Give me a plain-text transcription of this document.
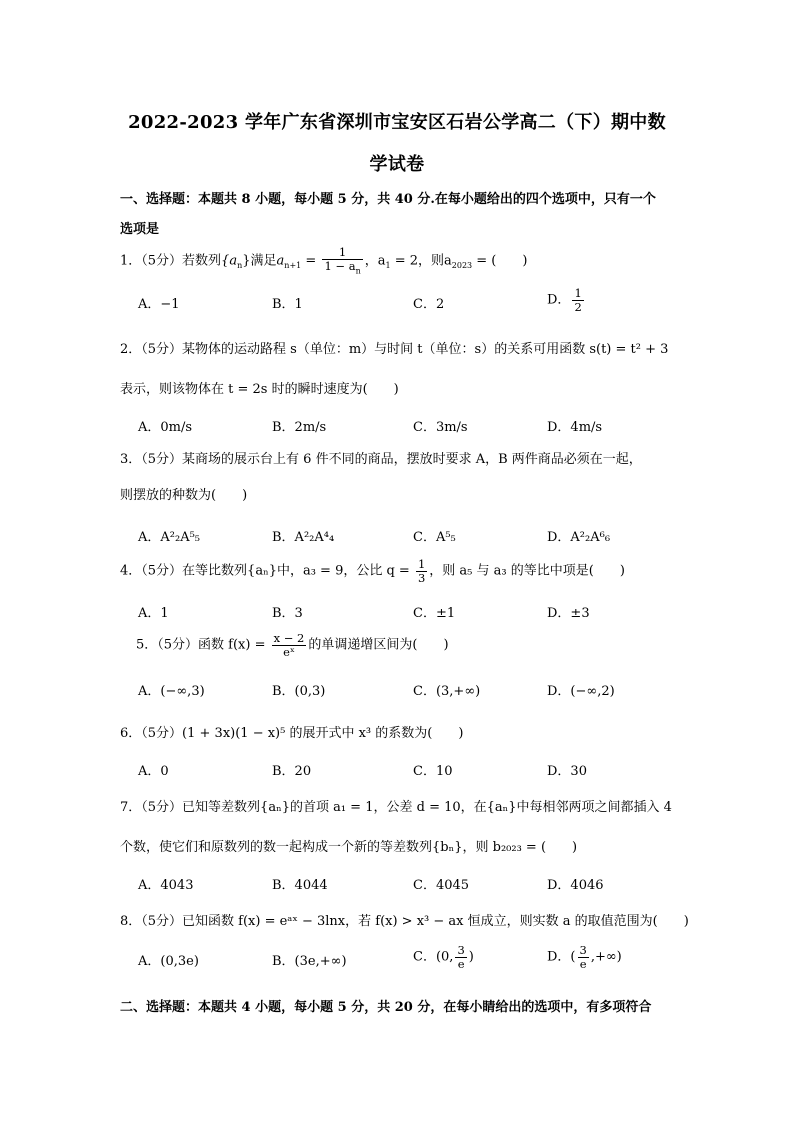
2022-2023 学年广东省深圳市宝安区石岩公学高二（下）期中数
学试卷
一、选择题：本题共 8 小题，每小题 5 分，共 40 分.在每小题给出的四个选项中，只有一个
选项是
1．（5分）若数列$\{a_n\}$满足$a_{n+1} = \frac{1}{1 - a_n}$ ，$a_1 = 2$，则$a_{2023}$ = (　　)
A．−1	B．1	C．2	D． $\frac{1}{2}$
2．（5分）某物体的运动路程 s（单位：m）与时间 t（单位：s）的关系可用函数 s(t) = t² + 3
表示，则该物体在 t = 2s 时的瞬时速度为(　　)
A．0m/s	B．2m/s	C．3m/s	D．4m/s
3．（5分）某商场的展示台上有 6 件不同的商品，摆放时要求 A，B 两件商品必须在一起，
则摆放的种数为(　　)
A．A²₂A⁵₅	B．A²₂A⁴₄	C．A⁵₅	D．A²₂A⁶₆
4．（5分）在等比数列{aₙ}中，a₃ = 9，公比 $q = \frac{1}{3}$ ，则 a₅ 与 a₃ 的等比中项是(　　)
A．1	B．3	C．±1	D．±3
5．（5分）函数 $f(x) = \frac{x - 2}{\text{eˣ}}$ 的单调递增区间为(　　)
A．(−∞,3)	B．(0,3)	C．(3,+∞)	D．(−∞,2)
6．（5分）(1 + 3x)(1 − x)⁵ 的展开式中 x³ 的系数为(　　)
A．0	B．20	C．10	D．30
7．（5分）已知等差数列{aₙ}的首项 a₁ = 1，公差 d = 10，在{aₙ}中每相邻两项之间都插入 4
个数，使它们和原数列的数一起构成一个新的等差数列{bₙ}，则 b₂₀₂₃ = (　　)
A．4043	B．4044	C．4045	D．4046
8．（5分）已知函数 f(x) = eᵃˣ − 3lnx，若 f(x) > x³ − ax 恒成立，则实数 a 的取值范围为(　　)
A．(0,3e)	B．(3e,+∞)	C．(0, $\frac{3}{e}$ )	D．( $\frac{3}{e}$ ,+∞)
二、选择题：本题共 4 小题，每小题 5 分，共 20 分，在每小睛给出的选项中，有多项符合
